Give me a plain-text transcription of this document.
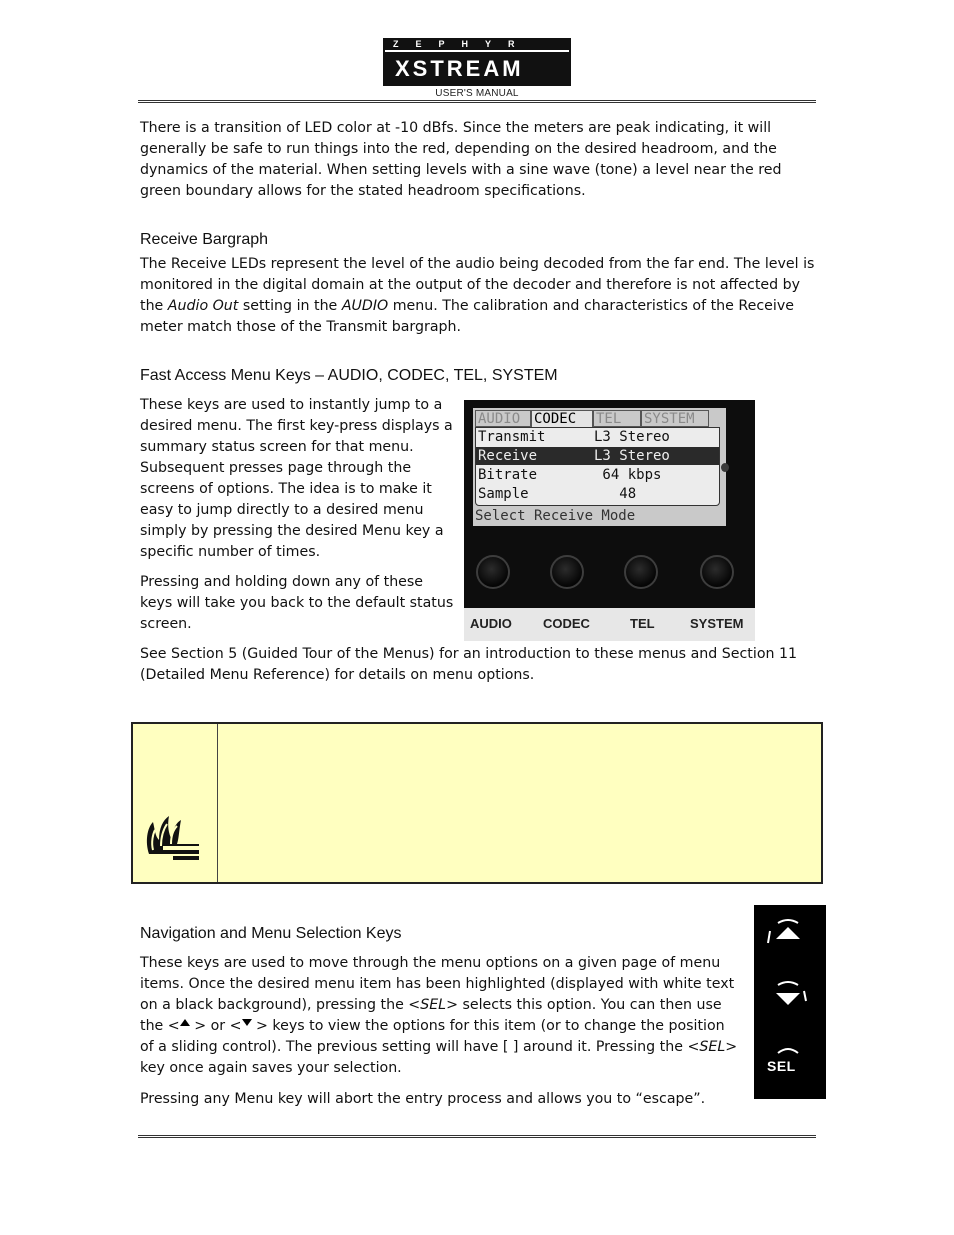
ZEPHYR
XSTREAM
USER'S MANUAL

There is a transition of LED color at -10 dBfs. Since the meters are peak indicating, it will generally be safe to run things into the red, depending on the desired headroom, and the dynamics of the material. When setting levels with a sine wave (tone) a level near the red green boundary allows for the stated headroom specifications.

Receive Bargraph

The Receive LEDs represent the level of the audio being decoded from the far end. The level is monitored in the digital domain at the output of the decoder and therefore is not affected by the Audio Out setting in the AUDIO menu. The calibration and characteristics of the Receive meter match those of the Transmit bargraph.

Fast Access Menu Keys – AUDIO, CODEC, TEL, SYSTEM

These keys are used to instantly jump to a desired menu. The first key-press displays a summary status screen for that menu. Subsequent presses page through the screens of options. The idea is to make it easy to jump directly to a desired menu simply by pressing the desired Menu key a specific number of times.

Pressing and holding down any of these keys will take you back to the default status screen.

See Section 5 (Guided Tour of the Menus) for an introduction to these menus and Section 11 (Detailed Menu Reference) for details on menu options.

AUDIO CODEC	TEL	SYSTEM
Transmit	L3 Stereo
Receive	L3 Stereo
Bitrate	64 kbps
Sample	48
Select Receive Mode
AUDIO CODEC	TEL	SYSTEM
Navigation and Menu Selection Keys

These keys are used to move through the menu options on a given page of menu items. Once the desired menu item has been highlighted (displayed with white text on a black background), pressing the <SEL> selects this option. You can then use the < > or < > keys to view the options for this item (or to change the position of a sliding control). The previous setting will have [ ] around it. Pressing the <SEL> key once again saves your selection.

Pressing any Menu key will abort the entry process and allows you to “escape”.

SEL
